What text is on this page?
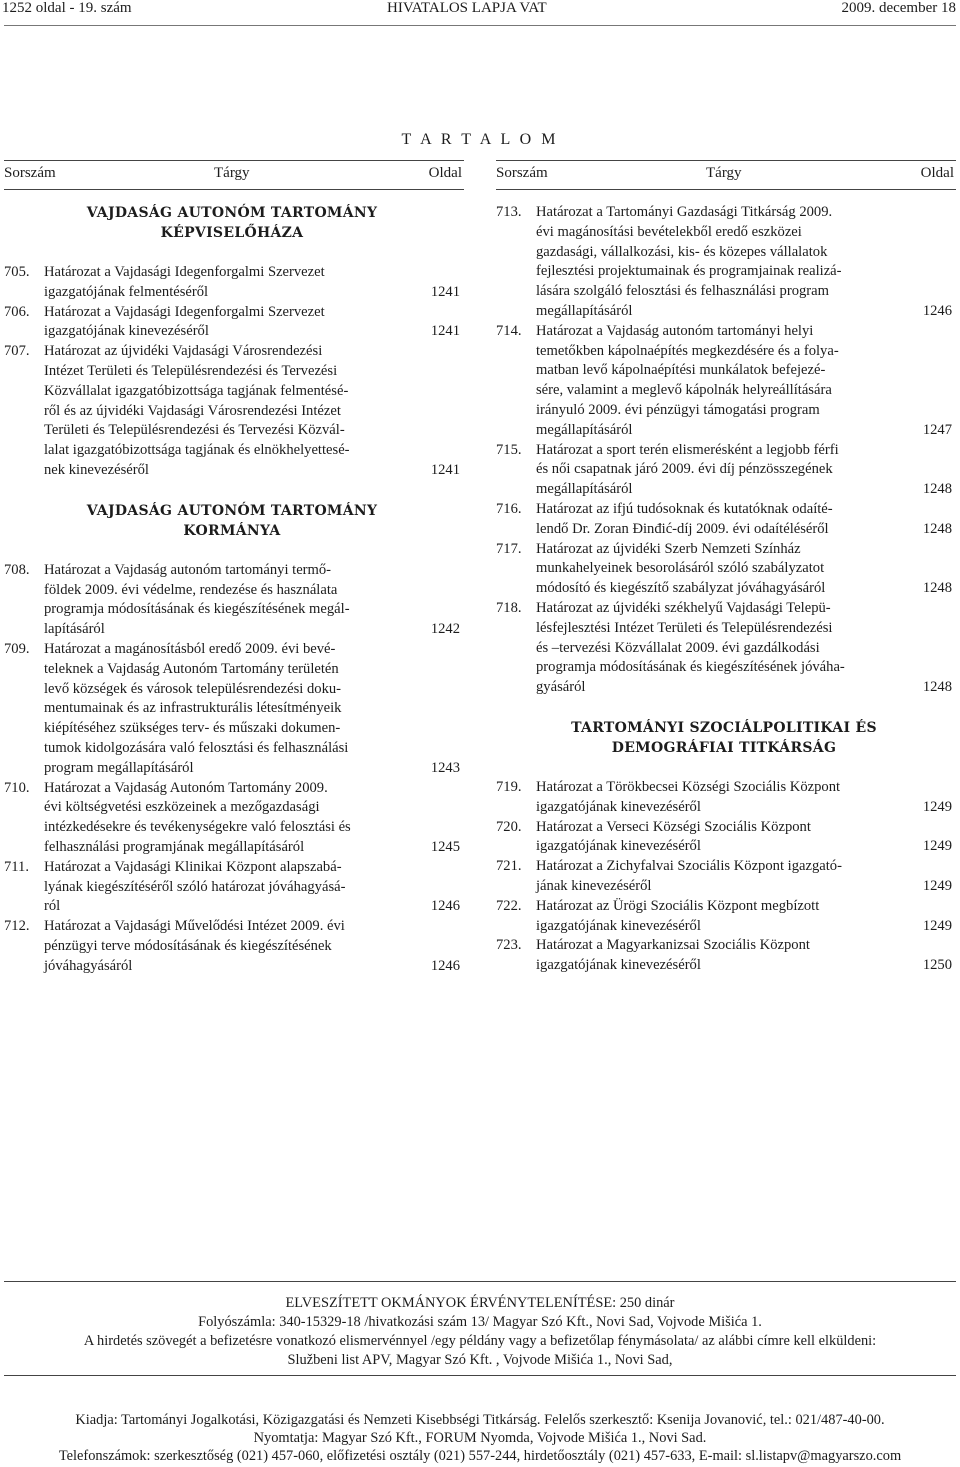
1252 oldal - 19. szám	HIVATALOS LAPJA VAT	2009. december 18
T A R T A L O M
Sorszám	Tárgy	Oldal Sorszám	Tárgy	Oldal
VAJDASÁG AUTONÓM TARTOMÁNY
KÉPVISELŐHÁZA
705. Határozat a Vajdasági Idegenforgalmi Szervezet
igazgatójának felmentéséről	1241
706. Határozat a Vajdasági Idegenforgalmi Szervezet
igazgatójának kinevezéséről	1241
707. Határozat az újvidéki Vajdasági Városrendezési
Intézet Területi és Településrendezési és Tervezési
Közvállalat igazgatóbizottsága tagjának felmentésé-
ről és az újvidéki Vajdasági Városrendezési Intézet
Területi és Településrendezési és Tervezési Közvál-
lalat igazgatóbizottsága tagjának és elnökhelyettesé-
nek kinevezéséről	1241
VAJDASÁG AUTONÓM TARTOMÁNY
KORMÁNYA
708. Határozat a Vajdaság autonóm tartományi termő-
földek 2009. évi védelme, rendezése és használata
programja módosításának és kiegészítésének megál-
lapításáról	1242
709. Határozat a magánosításból eredő 2009. évi bevé-
teleknek a Vajdaság Autonóm Tartomány területén
levő községek és városok településrendezési doku-
mentumainak és az infrastrukturális létesítményeik
kiépítéséhez szükséges terv- és műszaki dokumen-
tumok kidolgozására való felosztási és felhasználási
program megállapításáról	1243
710. Határozat a Vajdaság Autonóm Tartomány 2009.
évi költségvetési eszközeinek a mezőgazdasági
intézkedésekre és tevékenységekre való felosztási és
felhasználási programjának megállapításáról	1245
711. Határozat a Vajdasági Klinikai Központ alapszabá-
lyának kiegészítéséről szóló határozat jóváhagyásá-
ról	1246
712. Határozat a Vajdasági Művelődési Intézet 2009. évi
pénzügyi terve módosításának és kiegészítésének
jóváhagyásáról	1246
713. Határozat a Tartományi Gazdasági Titkárság 2009.
évi magánosítási bevételekből eredő eszközei
gazdasági, vállalkozási, kis- és közepes vállalatok
fejlesztési projektumainak és programjainak realizá-
lására szolgáló felosztási és felhasználási program
megállapításáról	1246
714. Határozat a Vajdaság autonóm tartományi helyi
temetőkben kápolnaépítés megkezdésére és a folya-
matban levő kápolnaépítési munkálatok befejezé-
sére, valamint a meglevő kápolnák helyreállítására
irányuló 2009. évi pénzügyi támogatási program
megállapításáról	1247
715. Határozat a sport terén elismerésként a legjobb férfi
és női csapatnak járó 2009. évi díj pénzösszegének
megállapításáról	1248
716. Határozat az ifjú tudósoknak és kutatóknak odaíté-
lendő Dr. Zoran Đinđić-díj 2009. évi odaítéléséről	1248
717. Határozat az újvidéki Szerb Nemzeti Színház
munkahelyeinek besorolásáról szóló szabályzatot
módosító és kiegészítő szabályzat jóváhagyásáról	1248
718. Határozat az újvidéki székhelyű Vajdasági Telepü-
lésfejlesztési Intézet Területi és Településrendezési
és –tervezési Közvállalat 2009. évi gazdálkodási
programja módosításának és kiegészítésének jóváha-
gyásáról	1248
TARTOMÁNYI SZOCIÁLPOLITIKAI ÉS
DEMOGRÁFIAI TITKÁRSÁG
719. Határozat a Törökbecsei Községi Szociális Központ
igazgatójának kinevezéséről	1249
720. Határozat a Versecі Községi Szociális Központ
igazgatójának kinevezéséről	1249
721. Határozat a Zichyfalvai Szociális Központ igazgató-
jának kinevezéséről	1249
722. Határozat az Ürögi Szociális Központ megbízott
igazgatójának kinevezéséről	1249
723. Határozat a Magyarkanizsai Szociális Központ
igazgatójának kinevezéséről	1250
ELVESZÍTETT OKMÁNYOK ÉRVÉNYTELENÍTÉSE: 250 dinár
Folyószámla: 340-15329-18 /hivatkozási szám 13/ Magyar Szó Kft., Novi Sad, Vojvode Mišića 1.
A hirdetés szövegét a befizetésre vonatkozó elismervénnyel /egy példány vagy a befizetőlap fénymásolata/ az alábbi címre kell elküldeni:
Službeni list APV, Magyar Szó Kft. , Vojvode Mišića 1., Novi Sad,
Kiadja: Tartományi Jogalkotási, Közigazgatási és Nemzeti Kisebbségi Titkárság. Felelős szerkesztő: Ksenija Jovanović, tel.: 021/487-40-00.
Nyomtatja: Magyar Szó Kft., FORUM Nyomda, Vojvode Mišića 1., Novi Sad.
Telefonszámok: szerkesztőség (021) 457-060, előfizetési osztály (021) 557-244, hirdetőosztály (021) 457-633, E-mail: sl.listapv@magyarszo.com
